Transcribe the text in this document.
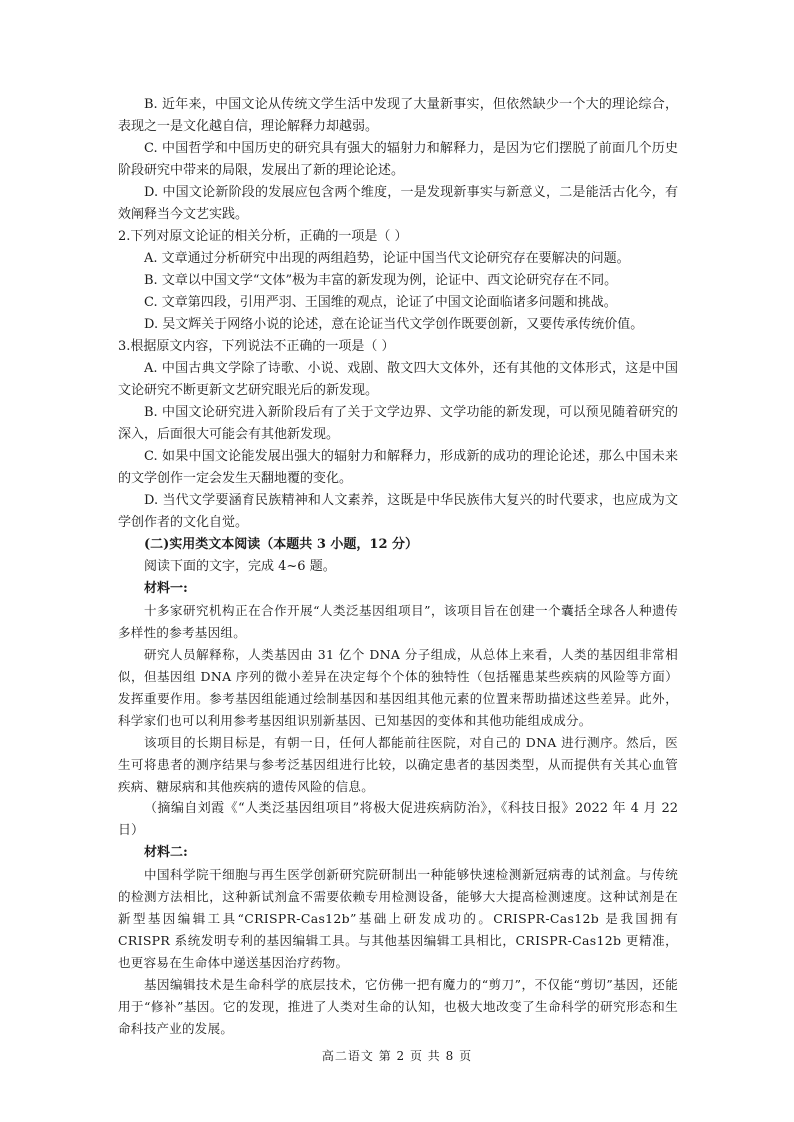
B. 近年来，中国文论从传统文学生活中发现了大量新事实，但依然缺少一个大的理论综合，表现之一是文化越自信，理论解释力却越弱。

C. 中国哲学和中国历史的研究具有强大的辐射力和解释力，是因为它们摆脱了前面几个历史阶段研究中带来的局限，发展出了新的理论论述。

D. 中国文论新阶段的发展应包含两个维度，一是发现新事实与新意义，二是能活古化今，有效阐释当今文艺实践。

2.下列对原文论证的相关分析，正确的一项是（ ）

A. 文章通过分析研究中出现的两组趋势，论证中国当代文论研究存在要解决的问题。

B. 文章以中国文学“文体”极为丰富的新发现为例，论证中、西文论研究存在不同。

C. 文章第四段，引用严羽、王国维的观点，论证了中国文论面临诸多问题和挑战。

D. 吴文辉关于网络小说的论述，意在论证当代文学创作既要创新，又要传承传统价值。

3.根据原文内容，下列说法不正确的一项是（ ）

A. 中国古典文学除了诗歌、小说、戏剧、散文四大文体外，还有其他的文体形式，这是中国文论研究不断更新文艺研究眼光后的新发现。

B. 中国文论研究进入新阶段后有了关于文学边界、文学功能的新发现，可以预见随着研究的深入，后面很大可能会有其他新发现。

C. 如果中国文论能发展出强大的辐射力和解释力，形成新的成功的理论论述，那么中国未来的文学创作一定会发生天翻地覆的变化。

D. 当代文学要涵育民族精神和人文素养，这既是中华民族伟大复兴的时代要求，也应成为文学创作者的文化自觉。

(二)实用类文本阅读（本题共 3 小题，12 分）

阅读下面的文字，完成 4~6 题。

材料一:

十多家研究机构正在合作开展“人类泛基因组项目”，该项目旨在创建一个囊括全球各人种遗传多样性的参考基因组。

研究人员解释称，人类基因由 31 亿个 DNA 分子组成，从总体上来看，人类的基因组非常相似，但基因组 DNA 序列的微小差异在决定每个个体的独特性（包括罹患某些疾病的风险等方面）发挥重要作用。参考基因组能通过绘制基因和基因组其他元素的位置来帮助描述这些差异。此外，科学家们也可以利用参考基因组识别新基因、已知基因的变体和其他功能组成成分。

该项目的长期目标是，有朝一日，任何人都能前往医院，对自己的 DNA 进行测序。然后，医生可将患者的测序结果与参考泛基因组进行比较，以确定患者的基因类型，从而提供有关其心血管疾病、糖尿病和其他疾病的遗传风险的信息。

（摘编自刘霞《“人类泛基因组项目”将极大促进疾病防治》，《科技日报》2022 年 4 月 22 日）

材料二:

中国科学院干细胞与再生医学创新研究院研制出一种能够快速检测新冠病毒的试剂盒。与传统的检测方法相比，这种新试剂盒不需要依赖专用检测设备，能够大大提高检测速度。这种试剂是在新型基因编辑工具“CRISPR-Cas12b”基础上研发成功的。CRISPR-Cas12b 是我国拥有 CRISPR 系统发明专利的基因编辑工具。与其他基因编辑工具相比，CRISPR-Cas12b 更精准，也更容易在生命体中递送基因治疗药物。

基因编辑技术是生命科学的底层技术，它仿佛一把有魔力的“剪刀”，不仅能“剪切”基因，还能用于“修补”基因。它的发现，推进了人类对生命的认知，也极大地改变了生命科学的研究形态和生命科技产业的发展。

高二语文 第 2 页 共 8 页
